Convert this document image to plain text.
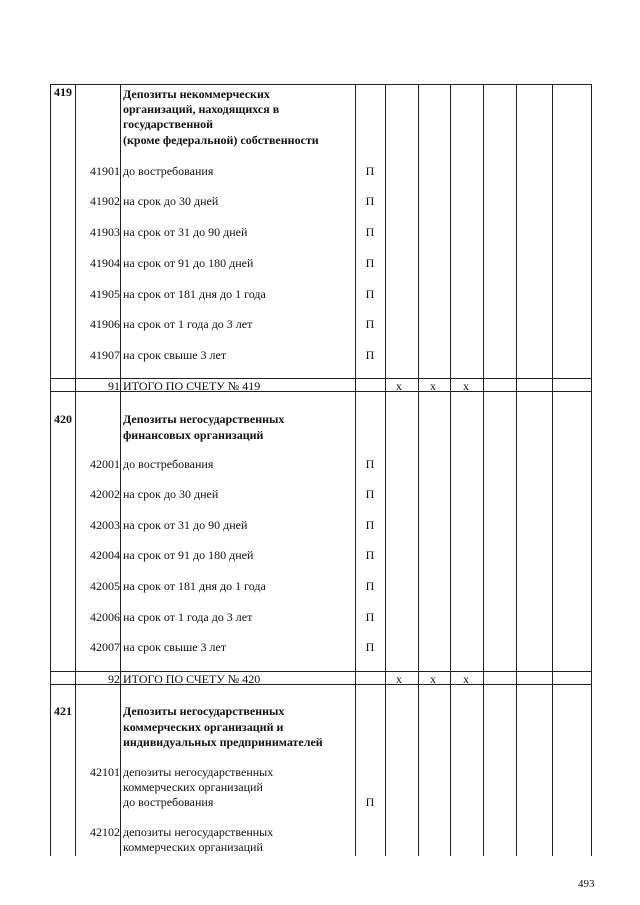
419	Депозиты некоммерческих
организаций, находящихся в
государственной
(кроме федеральной) собственности
41901 до востребования	П
41902 на срок до 30 дней	П
41903 на срок от 31 до 90 дней	П
41904 на срок от 91 до 180 дней	П
41905 на срок от 181 дня до 1 года	П
41906 на срок от 1 года до 3 лет	П
41907 на срок свыше 3 лет	П
91 ИТОГО ПО СЧЕТУ № 419	х	х	х
420	Депозиты негосударственных
финансовых организаций
42001 до востребования	П
42002 на срок до 30 дней	П
42003 на срок от 31 до 90 дней	П
42004 на срок от 91 до 180 дней	П
42005 на срок от 181 дня до 1 года	П
42006 на срок от 1 года до 3 лет	П
42007 на срок свыше 3 лет	П
92 ИТОГО ПО СЧЕТУ № 420	х	х	х
421	Депозиты негосударственных
коммерческих организаций и
индивидуальных предпринимателей
42101 депозиты негосударственных
коммерческих организаций
до востребования	П
42102 депозиты негосударственных
коммерческих организаций
493
